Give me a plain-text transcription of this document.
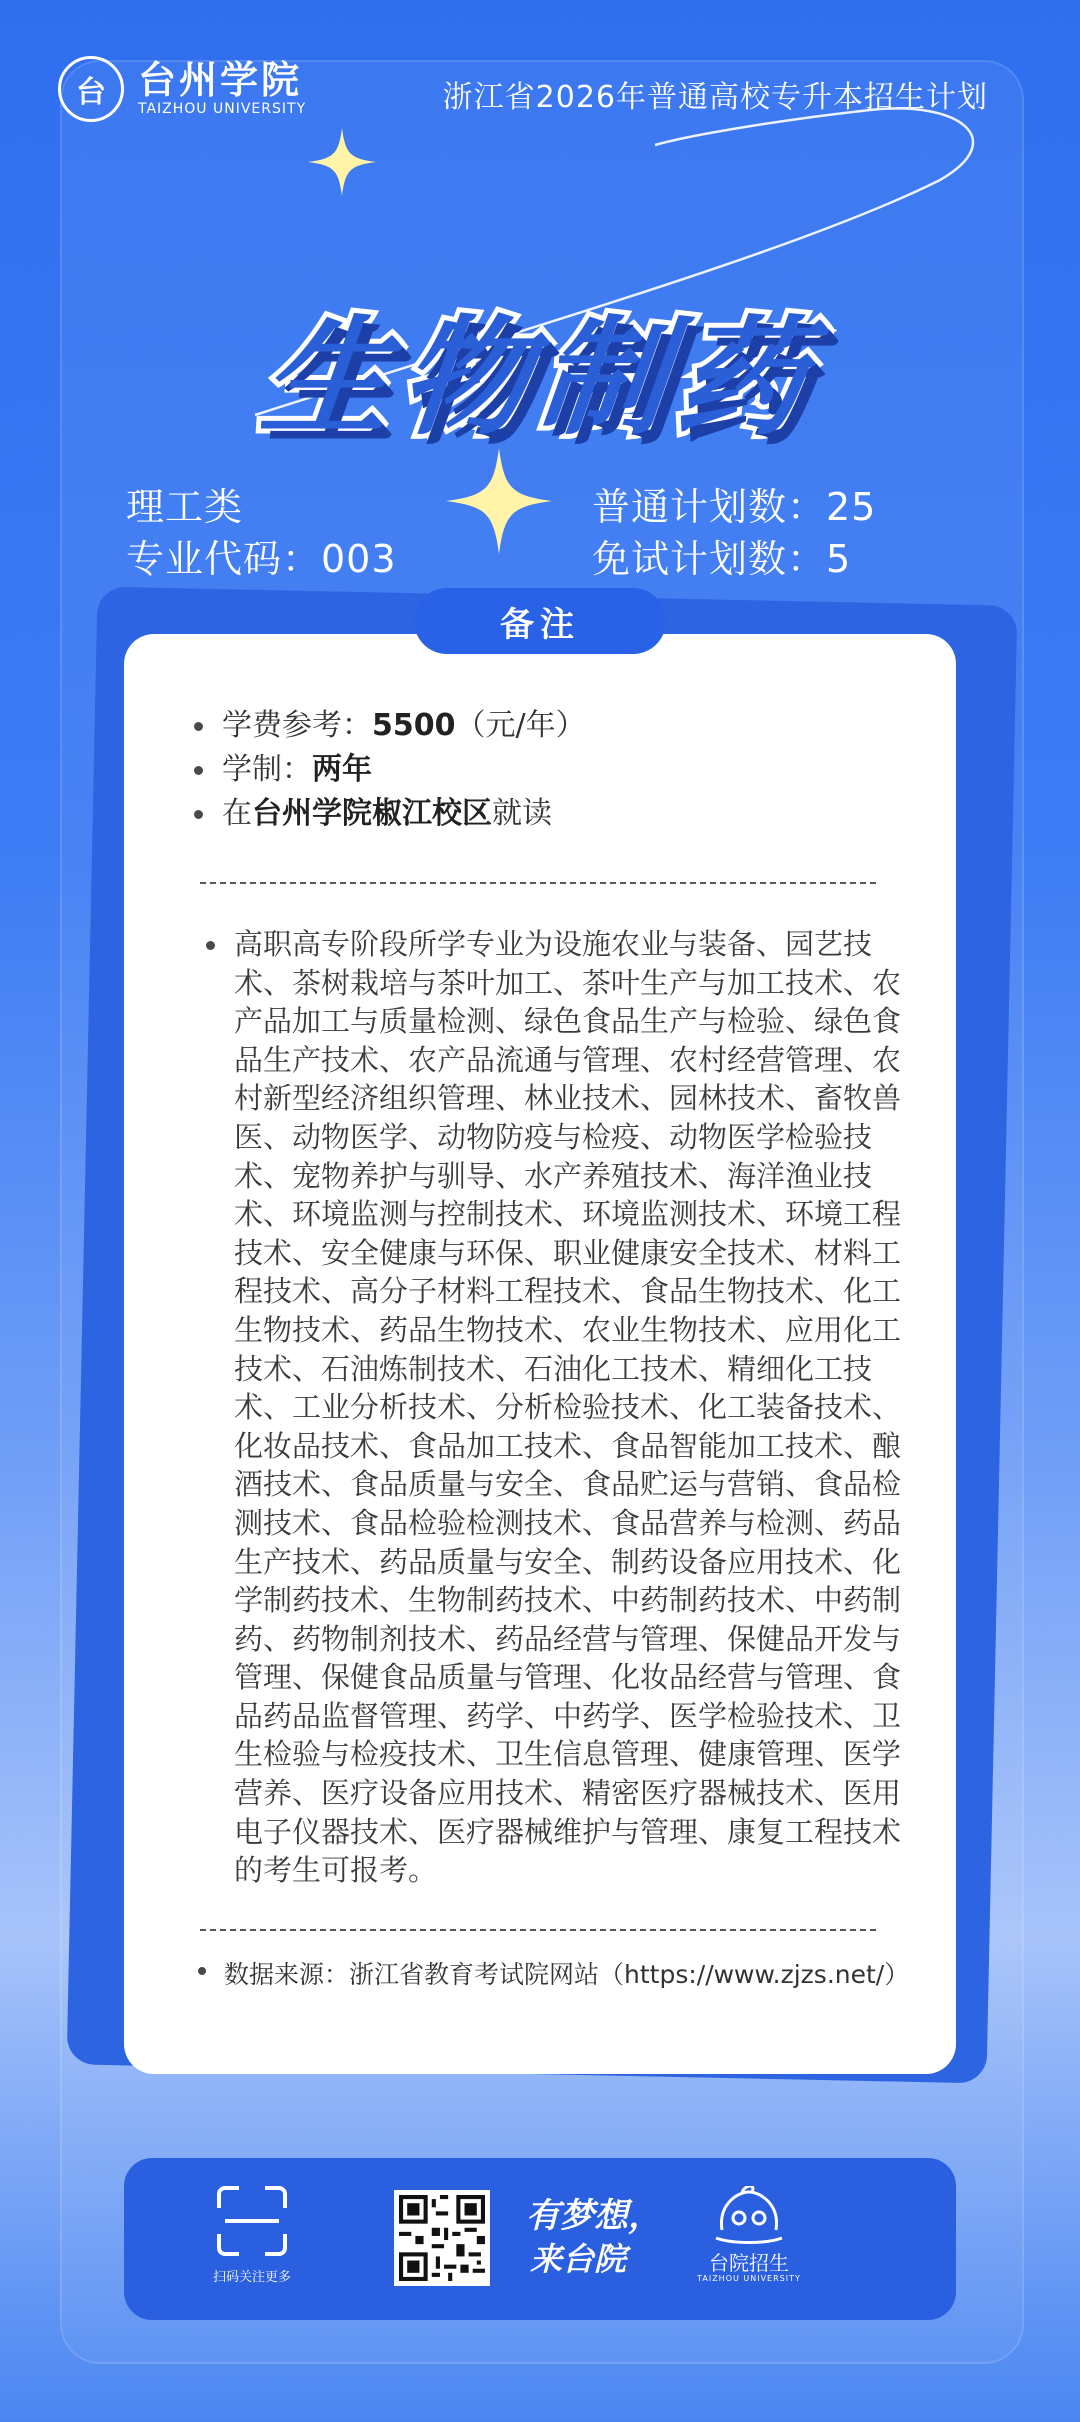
台 台州学院
TAIZHOU UNIVERSITY	浙江省2026年普通高校专升本招生计划
生物制药
理工类
专业代码：003
普通计划数：25
免试计划数：5
学费参考：5500（元/年）
学制：两年
在台州学院椒江校区就读

高职高专阶段所学专业为设施农业与装备、园艺技

术、茶树栽培与茶叶加工、茶叶生产与加工技术、农

产品加工与质量检测、绿色食品生产与检验、绿色食

品生产技术、农产品流通与管理、农村经营管理、农

村新型经济组织管理、林业技术、园林技术、畜牧兽

医、动物医学、动物防疫与检疫、动物医学检验技

术、宠物养护与驯导、水产养殖技术、海洋渔业技

术、环境监测与控制技术、环境监测技术、环境工程

技术、安全健康与环保、职业健康安全技术、材料工

程技术、高分子材料工程技术、食品生物技术、化工

生物技术、药品生物技术、农业生物技术、应用化工

技术、石油炼制技术、石油化工技术、精细化工技

术、工业分析技术、分析检验技术、化工装备技术、

化妆品技术、食品加工技术、食品智能加工技术、酿

酒技术、食品质量与安全、食品贮运与营销、食品检

测技术、食品检验检测技术、食品营养与检测、药品

生产技术、药品质量与安全、制药设备应用技术、化

学制药技术、生物制药技术、中药制药技术、中药制

药、药物制剂技术、药品经营与管理、保健品开发与

管理、保健食品质量与管理、化妆品经营与管理、食

品药品监督管理、药学、中药学、医学检验技术、卫

生检验与检疫技术、卫生信息管理、健康管理、医学

营养、医疗设备应用技术、精密医疗器械技术、医用

电子仪器技术、医疗器械维护与管理、康复工程技术

的考生可报考。

数据来源：浙江省教育考试院网站（https://www.zjzs.net/）
备注
扫码关注更多
有梦想，
来台院	台院招生
TAIZHOU UNIVERSITY
